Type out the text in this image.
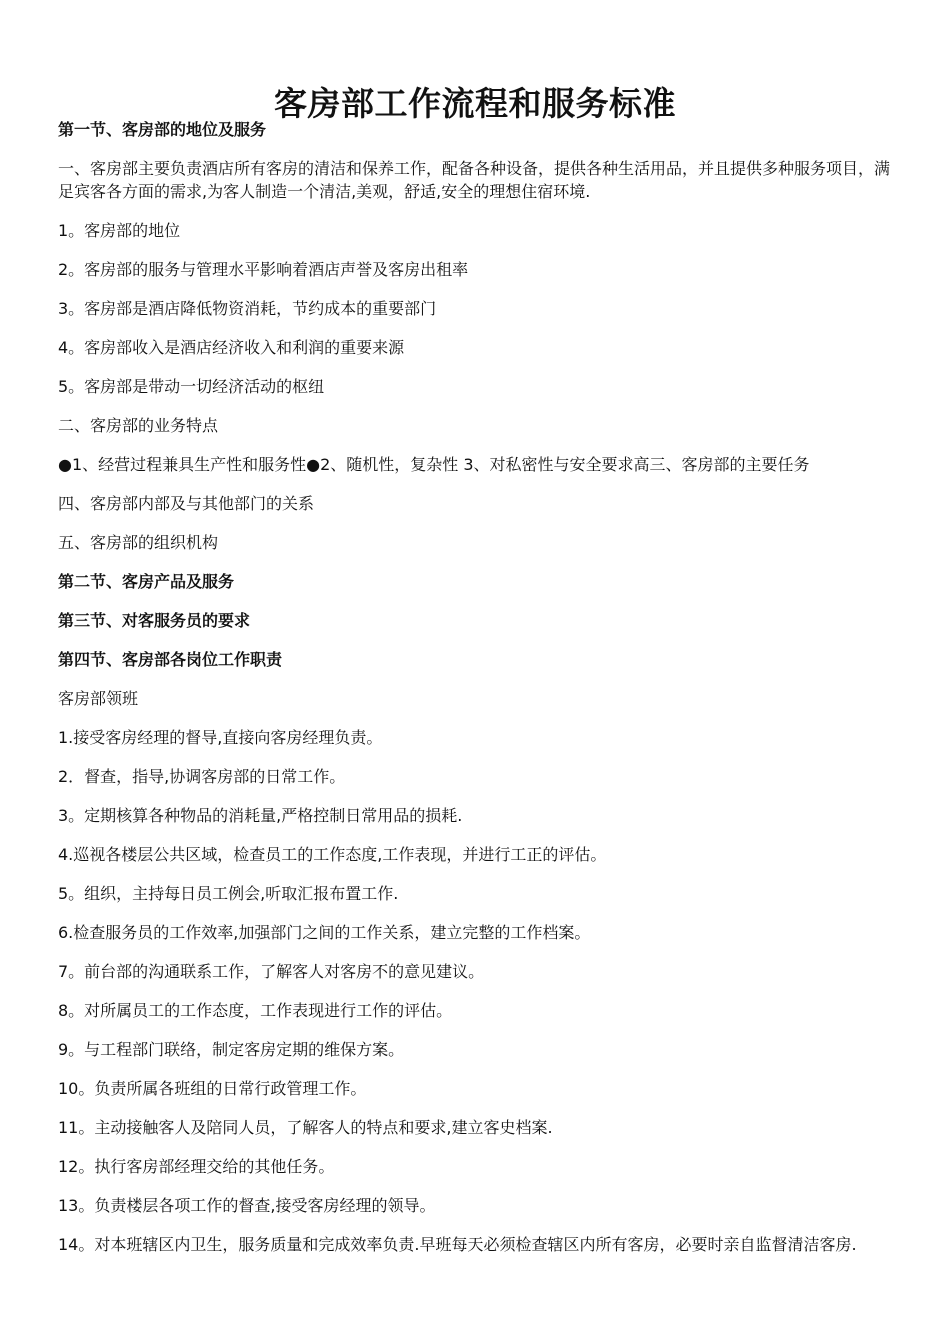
客房部工作流程和服务标准

第一节、客房部的地位及服务

一、客房部主要负责酒店所有客房的清洁和保养工作，配备各种设备，提供各种生活用品，并且提供多种服务项目，满足宾客各方面的需求,为客人制造一个清洁,美观，舒适,安全的理想住宿环境.

1。客房部的地位

2。客房部的服务与管理水平影响着酒店声誉及客房出租率

3。客房部是酒店降低物资消耗，节约成本的重要部门

4。客房部收入是酒店经济收入和利润的重要来源

5。客房部是带动一切经济活动的枢纽

二、客房部的业务特点

●1、经营过程兼具生产性和服务性●2、随机性，复杂性 3、对私密性与安全要求高三、客房部的主要任务

四、客房部内部及与其他部门的关系

五、客房部的组织机构

第二节、客房产品及服务

第三节、对客服务员的要求

第四节、客房部各岗位工作职责

客房部领班

1.接受客房经理的督导,直接向客房经理负责。

2．督查，指导,协调客房部的日常工作。

3。定期核算各种物品的消耗量,严格控制日常用品的损耗.

4.巡视各楼层公共区域，检查员工的工作态度,工作表现，并进行工正的评估。

5。组织，主持每日员工例会,听取汇报布置工作.

6.检查服务员的工作效率,加强部门之间的工作关系，建立完整的工作档案。

7。前台部的沟通联系工作，了解客人对客房不的意见建议。

8。对所属员工的工作态度，工作表现进行工作的评估。

9。与工程部门联络，制定客房定期的维保方案。

10。负责所属各班组的日常行政管理工作。

11。主动接触客人及陪同人员，了解客人的特点和要求,建立客史档案.

12。执行客房部经理交给的其他任务。

13。负责楼层各项工作的督查,接受客房经理的领导。

14。对本班辖区内卫生，服务质量和完成效率负责.早班每天必须检查辖区内所有客房，必要时亲自监督清洁客房.
